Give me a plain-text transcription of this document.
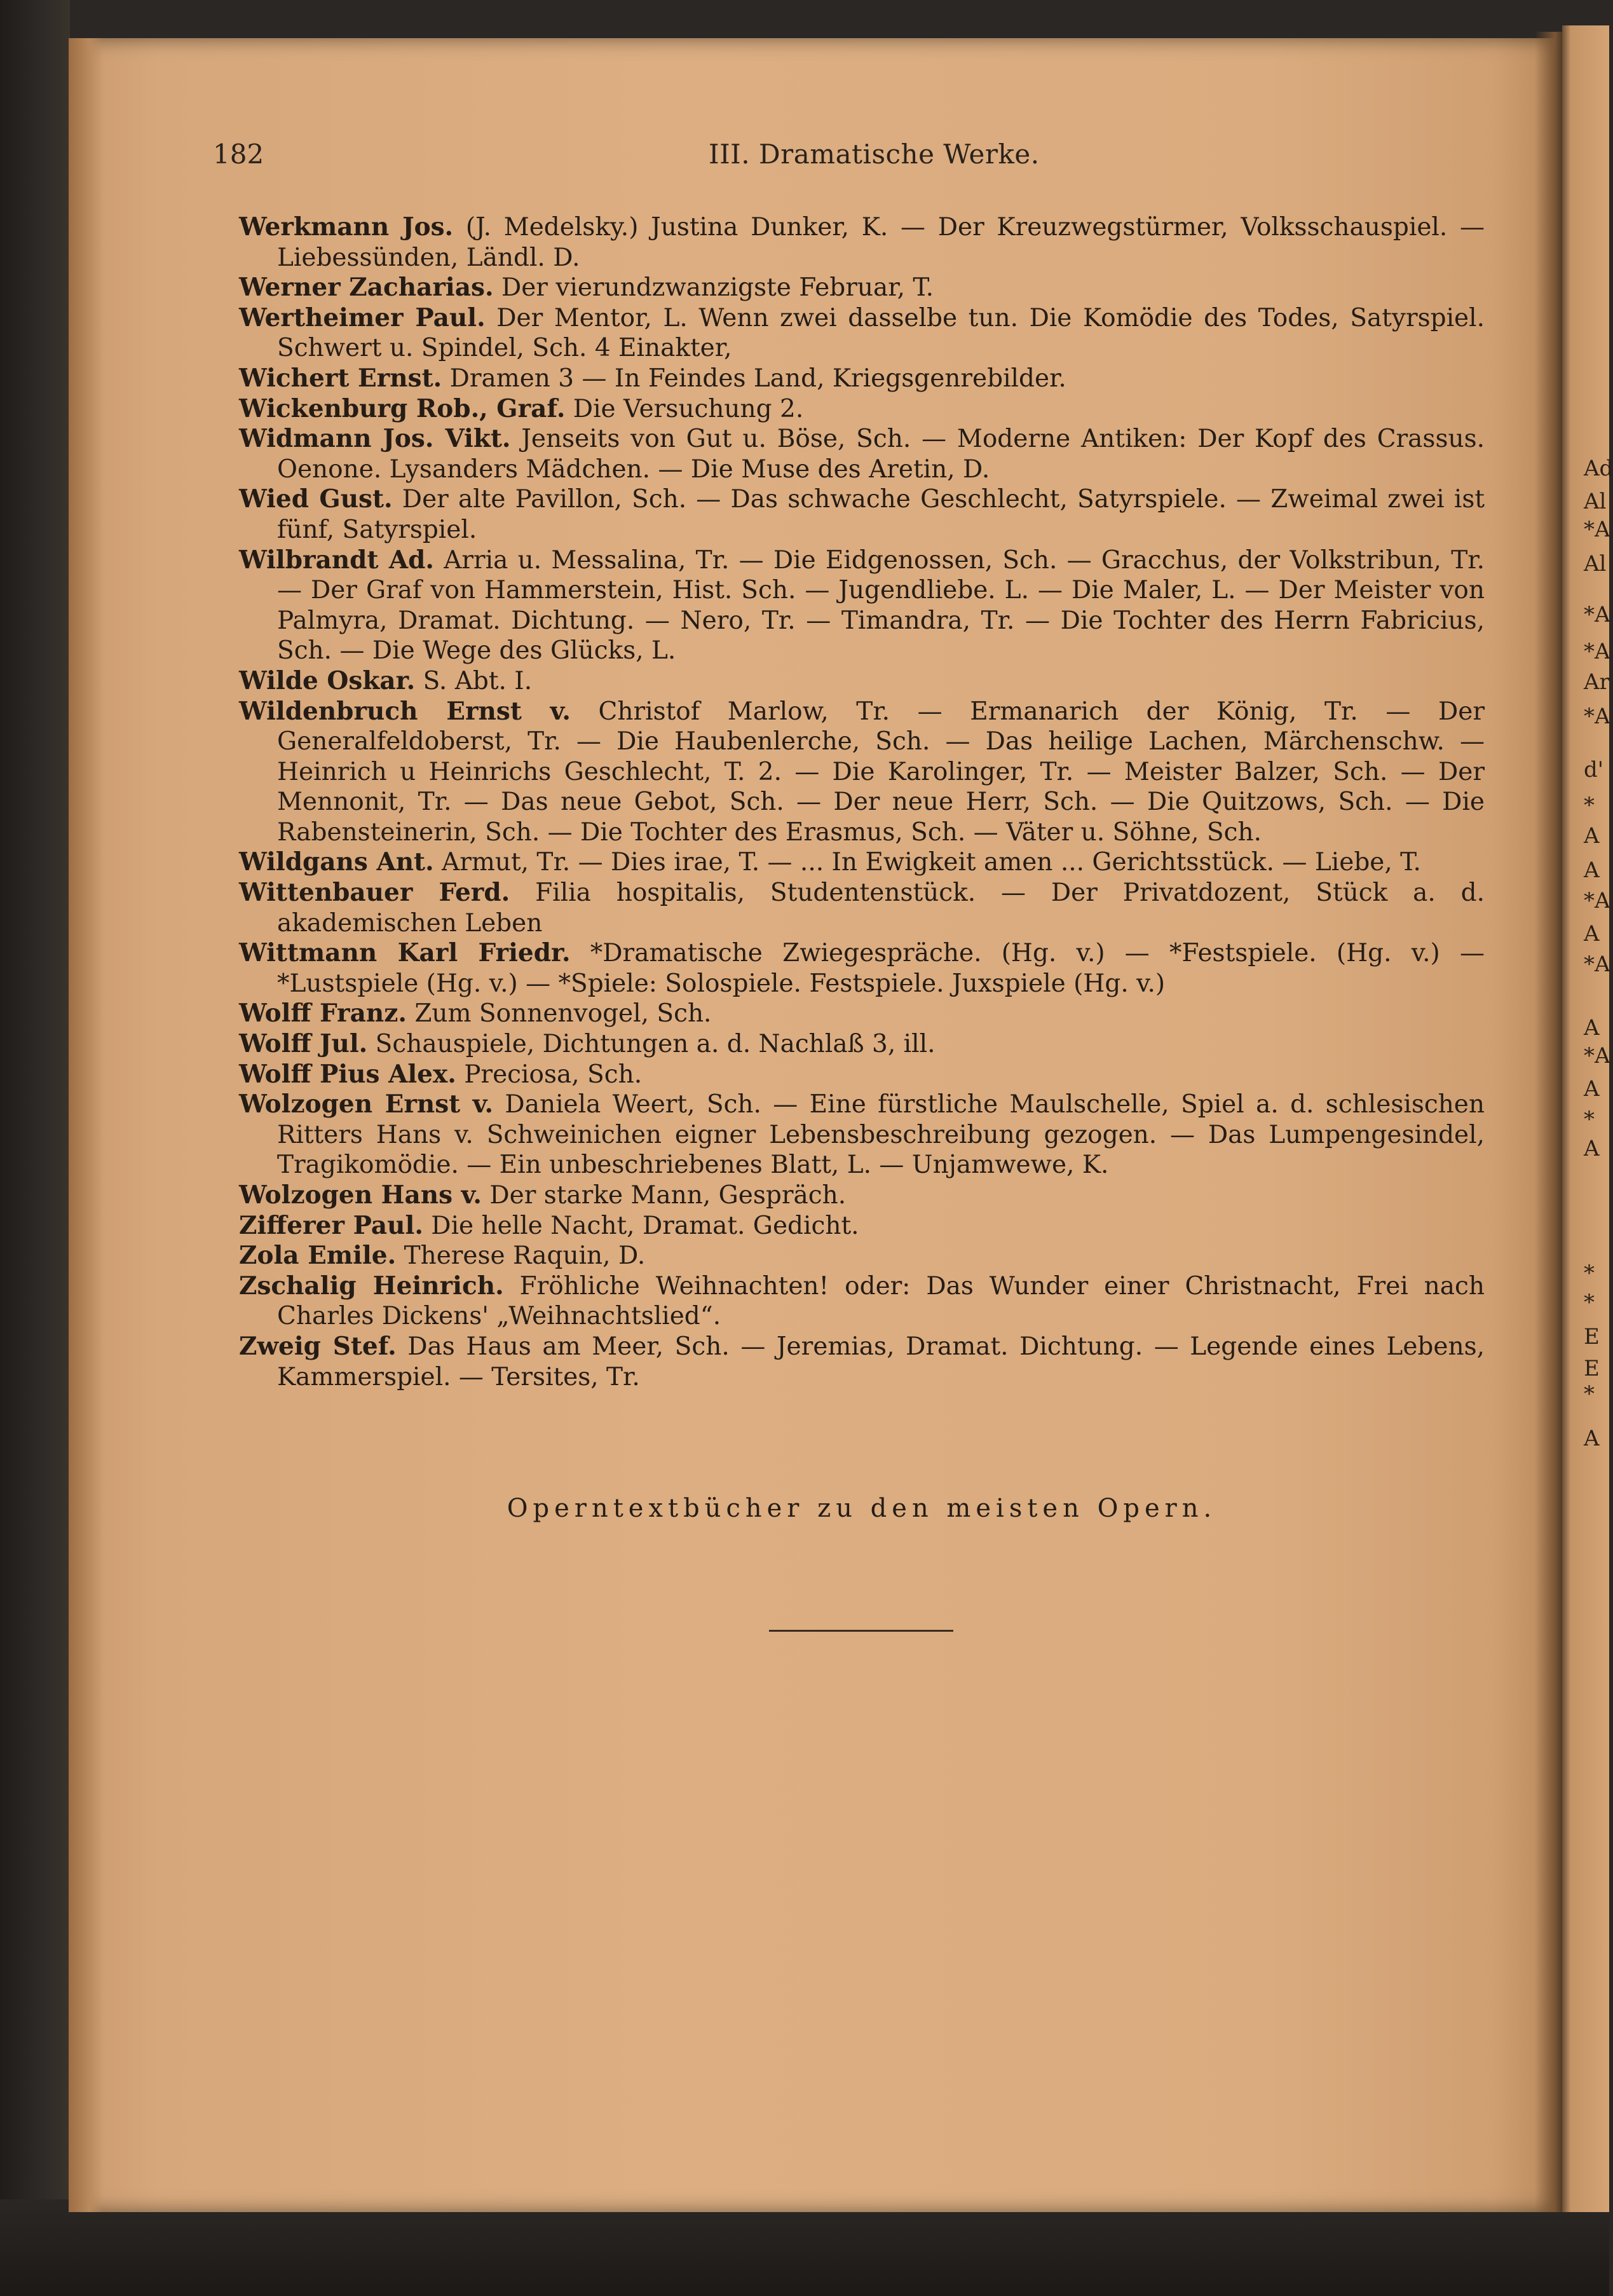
Ad
Al
*A
Al
*A
*A
Ar
*A
d'
*
A
A
*A
A
*A
A
*A
A
*
A
*
*
E
E
*
A
182	III. Dramatische Werke.

Werkmann Jos. (J. Medelsky.) Justina Dunker, K. — Der Kreuzwegstürmer, Volksschauspiel. — Liebessünden, Ländl. D.

Werner Zacharias. Der vierundzwanzigste Februar, T.

Wertheimer Paul. Der Mentor, L. Wenn zwei dasselbe tun. Die Komödie des Todes, Satyrspiel. Schwert u. Spindel, Sch. 4 Einakter,

Wichert Ernst. Dramen 3 — In Feindes Land, Kriegsgenrebilder.

Wickenburg Rob., Graf. Die Versuchung 2.

Widmann Jos. Vikt. Jenseits von Gut u. Böse, Sch. — Moderne Antiken: Der Kopf des Crassus. Oenone. Lysanders Mädchen. — Die Muse des Aretin, D.

Wied Gust. Der alte Pavillon, Sch. — Das schwache Geschlecht, Satyrspiele. — Zweimal zwei ist fünf, Satyrspiel.

Wilbrandt Ad. Arria u. Messalina, Tr. — Die Eidgenossen, Sch. — Gracchus, der Volkstribun, Tr. — Der Graf von Hammerstein, Hist. Sch. — Jugendliebe. L. — Die Maler, L. — Der Meister von Palmyra, Dramat. Dichtung. — Nero, Tr. — Timandra, Tr. — Die Tochter des Herrn Fabricius, Sch. — Die Wege des Glücks, L.

Wilde Oskar. S. Abt. I.

Wildenbruch Ernst v. Christof Marlow, Tr. — Ermanarich der König, Tr. — Der Generalfeldoberst, Tr. — Die Haubenlerche, Sch. — Das heilige Lachen, Märchenschw. — Heinrich u Heinrichs Geschlecht, T. 2. — Die Karolinger, Tr. — Meister Balzer, Sch. — Der Mennonit, Tr. — Das neue Gebot, Sch. — Der neue Herr, Sch. — Die Quitzows, Sch. — Die Rabensteinerin, Sch. — Die Tochter des Erasmus, Sch. — Väter u. Söhne, Sch.

Wildgans Ant. Armut, Tr. — Dies irae, T. — ... In Ewigkeit amen ... Gerichtsstück. — Liebe, T.

Wittenbauer Ferd. Filia hospitalis, Studentenstück. — Der Privatdozent, Stück a. d. akademischen Leben

Wittmann Karl Friedr. *Dramatische Zwiegespräche. (Hg. v.) — *Festspiele. (Hg. v.) — *Lustspiele (Hg. v.) — *Spiele: Solospiele. Festspiele. Juxspiele (Hg. v.)

Wolff Franz. Zum Sonnenvogel, Sch.

Wolff Jul. Schauspiele, Dichtungen a. d. Nachlaß 3, ill.

Wolff Pius Alex. Preciosa, Sch.

Wolzogen Ernst v. Daniela Weert, Sch. — Eine fürstliche Maulschelle, Spiel a. d. schlesischen Ritters Hans v. Schweinichen eigner Lebensbeschreibung gezogen. — Das Lumpengesindel, Tragikomödie. — Ein unbeschriebenes Blatt, L. — Unjamwewe, K.

Wolzogen Hans v. Der starke Mann, Gespräch.

Zifferer Paul. Die helle Nacht, Dramat. Gedicht.

Zola Emile. Therese Raquin, D.

Zschalig Heinrich. Fröhliche Weihnachten! oder: Das Wunder einer Christnacht, Frei nach Charles Dickens' „Weihnachtslied“.

Zweig Stef. Das Haus am Meer, Sch. — Jeremias, Dramat. Dichtung. — Legende eines Lebens, Kammerspiel. — Tersites, Tr.

Operntextbücher zu den meisten Opern.
